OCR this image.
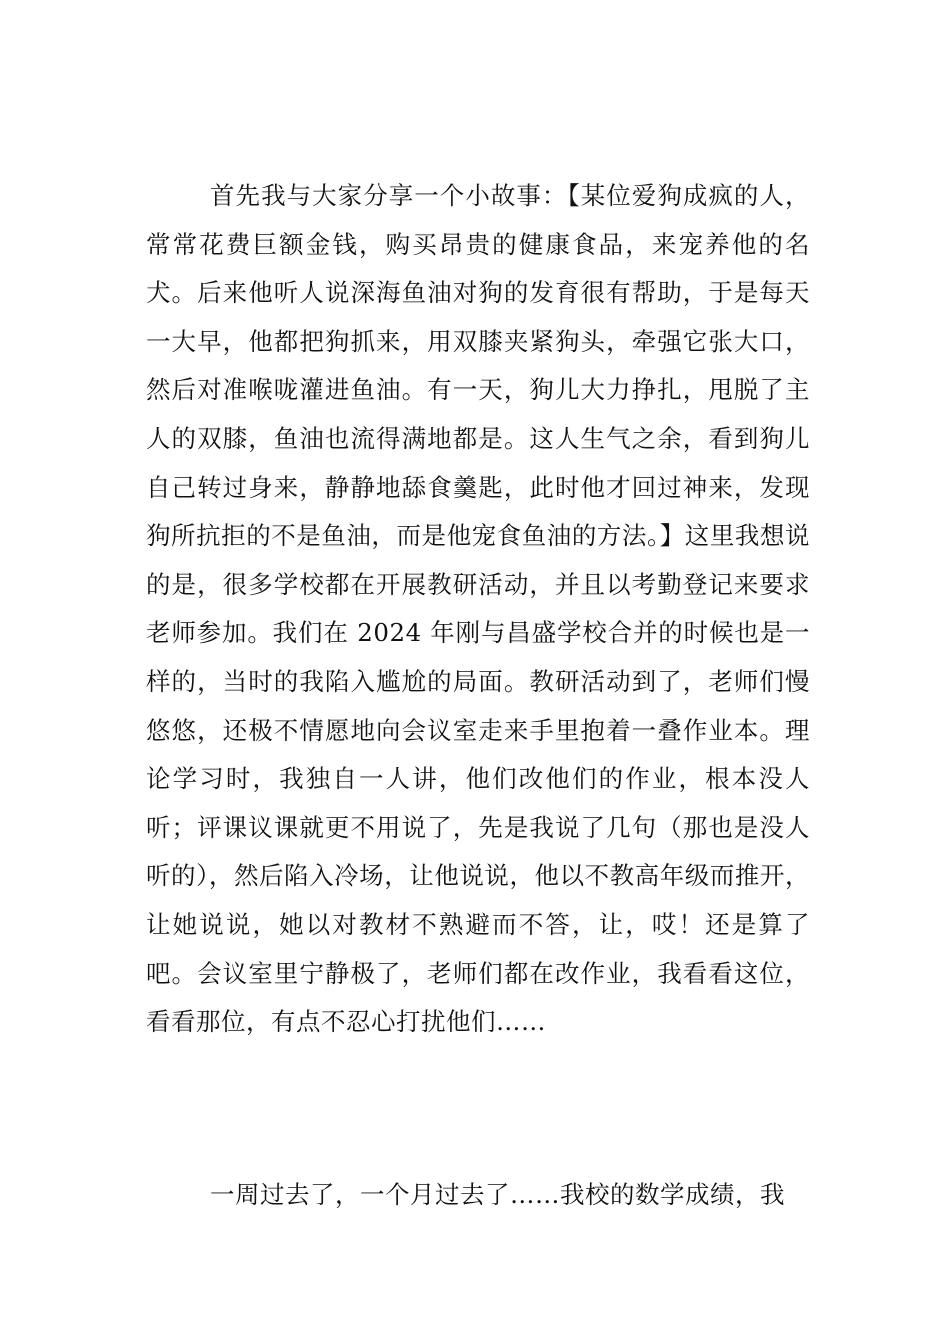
首先我与大家分享一个小故事：【某位爱狗成疯的人，常常花费巨额金钱，购买昂贵的健康食品，来宠养他的名犬。后来他听人说深海鱼油对狗的发育很有帮助，于是每天一大早，他都把狗抓来，用双膝夹紧狗头，牵强它张大口，然后对准喉咙灌进鱼油。有一天，狗儿大力挣扎，甩脱了主人的双膝，鱼油也流得满地都是。这人生气之余，看到狗儿自己转过身来，静静地舔食羹匙，此时他才回过神来，发现狗所抗拒的不是鱼油，而是他宠食鱼油的方法。】这里我想说的是，很多学校都在开展教研活动，并且以考勤登记来要求老师参加。我们在 2024 年刚与昌盛学校合并的时候也是一样的，当时的我陷入尴尬的局面。教研活动到了，老师们慢悠悠，还极不情愿地向会议室走来手里抱着一叠作业本。理论学习时，我独自一人讲，他们改他们的作业，根本没人听；评课议课就更不用说了，先是我说了几句（那也是没人听的），然后陷入冷场，让他说说，他以不教高年级而推开，让她说说，她以对教材不熟避而不答，让，哎！还是算了吧。会议室里宁静极了，老师们都在改作业，我看看这位，看看那位，有点不忍心打扰他们……

一周过去了，一个月过去了……我校的数学成绩，我
